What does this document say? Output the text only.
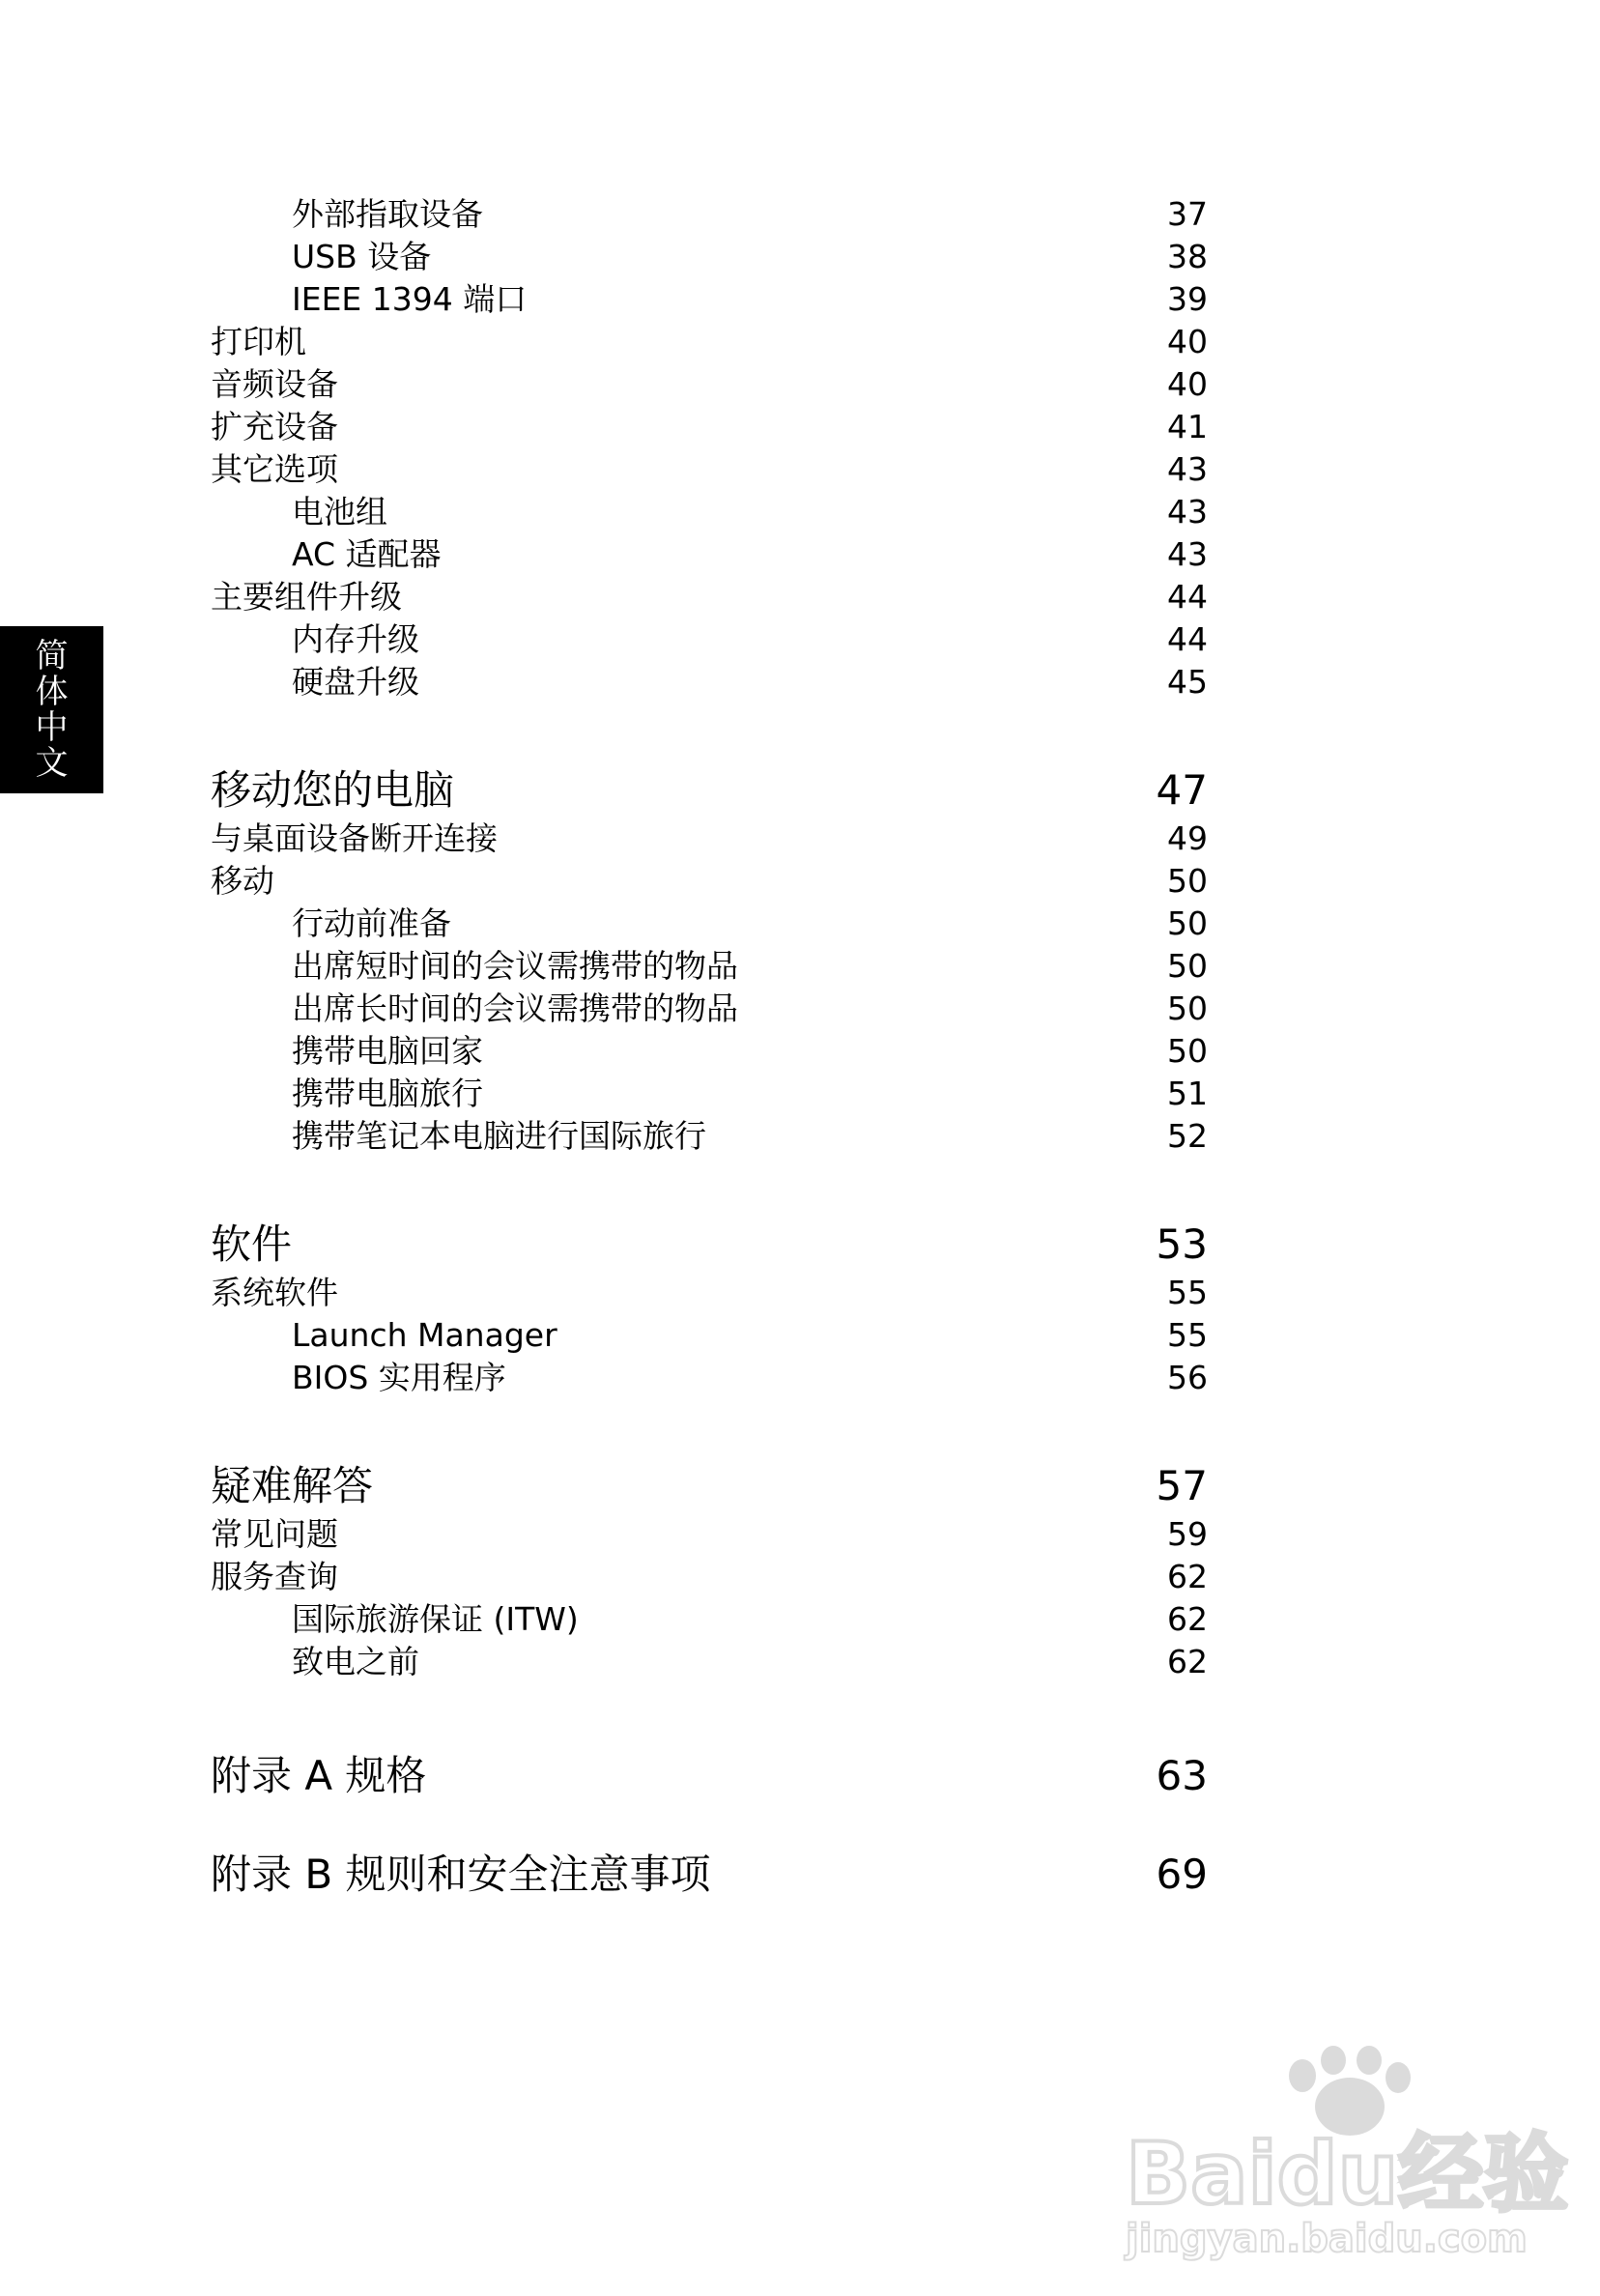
简
体
中
文
外部指取设备	37
USB 设备	38
IEEE 1394 端口	39
打印机	40
音频设备	40
扩充设备	41
其它选项	43
电池组	43
AC 适配器	43
主要组件升级	44
内存升级	44
硬盘升级	45
移动您的电脑	47
与桌面设备断开连接	49
移动	50
行动前准备	50
出席短时间的会议需携带的物品	50
出席长时间的会议需携带的物品	50
携带电脑回家	50
携带电脑旅行	51
携带笔记本电脑进行国际旅行	52
软件	53
系统软件	55
Launch Manager	55
BIOS 实用程序	56
疑难解答	57
常见问题	59
服务查询	62
国际旅游保证 (ITW)	62
致电之前	62
附录 A 规格	63
附录 B 规则和安全注意事项	69
Baidu经验
jingyan.baidu.com
